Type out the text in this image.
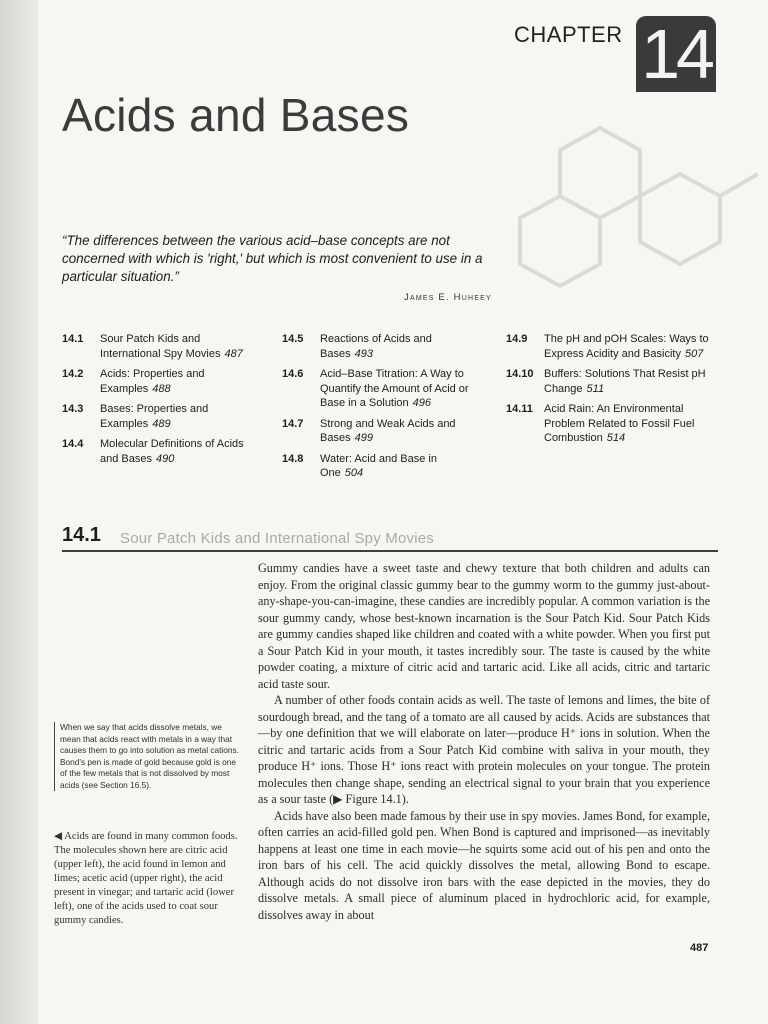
CHAPTER 14
Acids and Bases

“The differences between the various acid–base concepts are not concerned with which is 'right,' but which is most convenient to use in a particular situation.”

James E. Huheey
14.1	Sour Patch Kids and International Spy Movies 487
14.2	Acids: Properties and Examples 488
14.3	Bases: Properties and Examples 489
14.4	Molecular Definitions of Acids and Bases 490
14.5	Reactions of Acids and Bases 493
14.6	Acid–Base Titration: A Way to Quantify the Amount of Acid or Base in a Solution 496
14.7	Strong and Weak Acids and Bases 499
14.8	Water: Acid and Base in One 504
14.9	The pH and pOH Scales: Ways to Express Acidity and Basicity 507
14.10 Buffers: Solutions That Resist pH Change 511
14.11	Acid Rain: An Environmental Problem Related to Fossil Fuel Combustion 514
14.1 Sour Patch Kids and International Spy Movies

Gummy candies have a sweet taste and chewy texture that both children and adults can enjoy. From the original classic gummy bear to the gummy worm to the gummy just-about-any-shape-you-can-imagine, these candies are incredibly popular. A common variation is the sour gummy candy, whose best-known incarnation is the Sour Patch Kid. Sour Patch Kids are gummy candies shaped like children and coated with a white powder. When you first put a Sour Patch Kid in your mouth, it tastes incredibly sour. The taste is caused by the white powder coating, a mixture of citric acid and tartaric acid. Like all acids, citric and tartaric acid taste sour.

A number of other foods contain acids as well. The taste of lemons and limes, the bite of sourdough bread, and the tang of a tomato are all caused by acids. Acids are substances that—by one definition that we will elaborate on later—produce H⁺ ions in solution. When the citric and tartaric acids from a Sour Patch Kid combine with saliva in your mouth, they produce H⁺ ions. Those H⁺ ions react with protein molecules on your tongue. The protein molecules then change shape, sending an electrical signal to your brain that you experience as a sour taste (▶ Figure 14.1).

Acids have also been made famous by their use in spy movies. James Bond, for example, often carries an acid-filled gold pen. When Bond is captured and imprisoned—as inevitably happens at least one time in each movie—he squirts some acid out of his pen and onto the iron bars of his cell. The acid quickly dissolves the metal, allowing Bond to escape. Although acids do not dissolve iron bars with the ease depicted in the movies, they do dissolve metals. A small piece of aluminum placed in hydrochloric acid, for example, dissolves away in about

When we say that acids dissolve metals, we mean that acids react with metals in a way that causes them to go into solution as metal cations. Bond's pen is made of gold because gold is one of the few metals that is not dissolved by most acids (see Section 16.5).
◀ Acids are found in many common foods. The molecules shown here are citric acid (upper left), the acid found in lemon and limes; acetic acid (upper right), the acid present in vinegar; and tartaric acid (lower left), one of the acids used to coat sour gummy candies.
487
